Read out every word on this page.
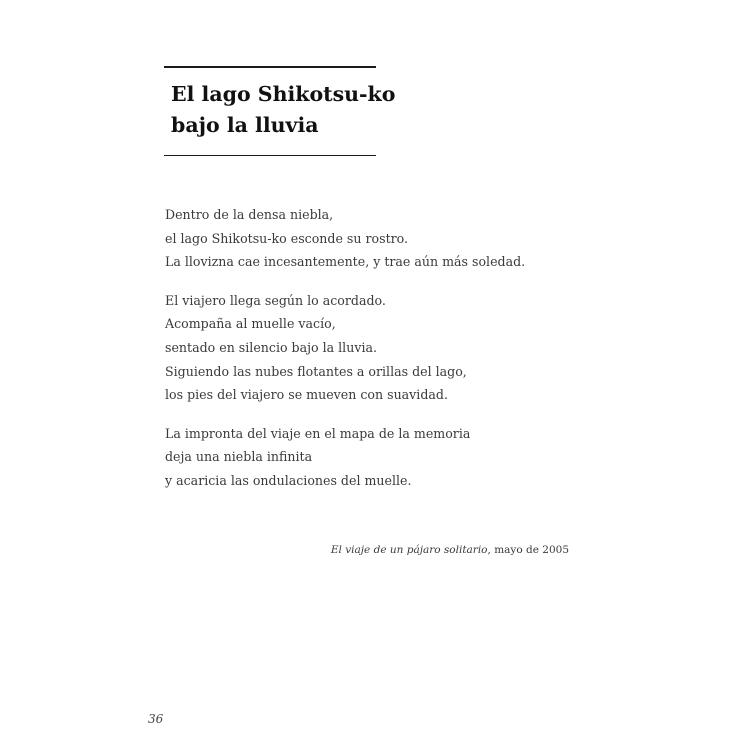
El lago Shikotsu-ko
bajo la lluvia
Dentro de la densa niebla,
el lago Shikotsu-ko esconde su rostro.
La llovizna cae incesantemente, y trae aún más soledad.
El viajero llega según lo acordado.
Acompaña al muelle vacío,
sentado en silencio bajo la lluvia.
Siguiendo las nubes flotantes a orillas del lago,
los pies del viajero se mueven con suavidad.
La impronta del viaje en el mapa de la memoria
deja una niebla infinita
y acaricia las ondulaciones del muelle.
El viaje de un pájaro solitario, mayo de 2005
36
